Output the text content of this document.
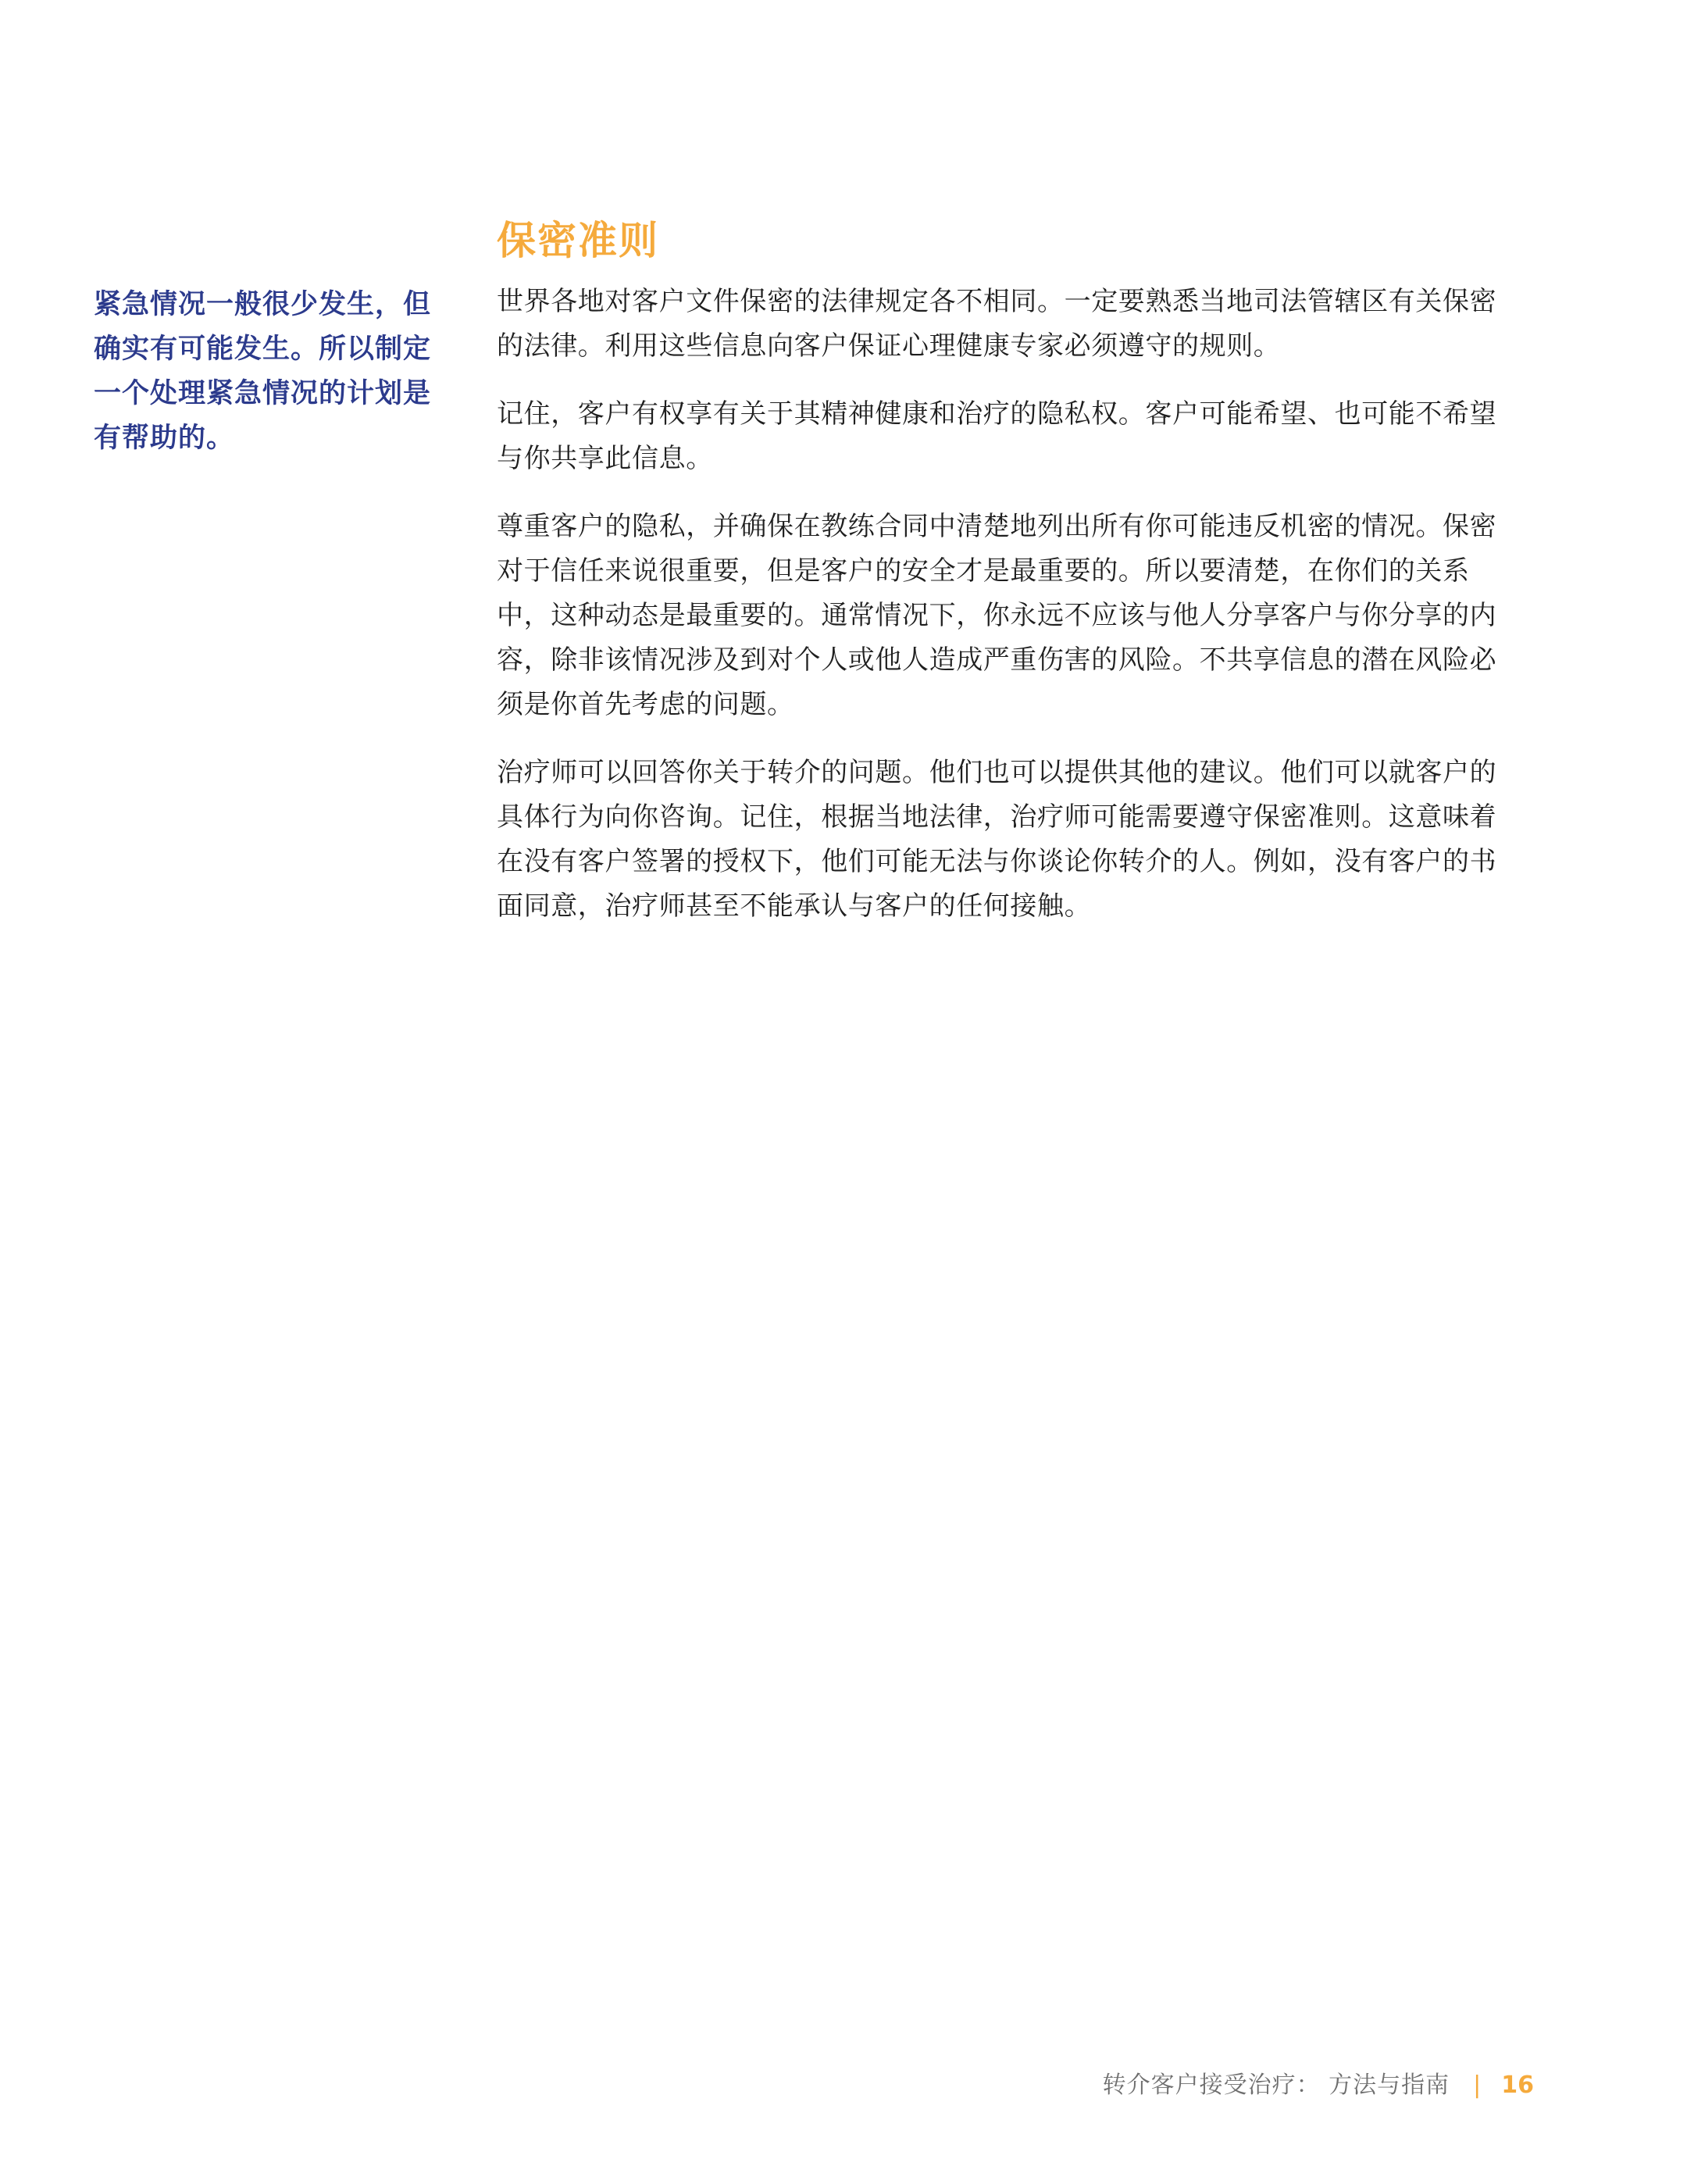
紧急情况一般很少发生，但确实有可能发生。所以制定一个处理紧急情况的计划是有帮助的。
保密准则

世界各地对客户文件保密的法律规定各不相同。一定要熟悉当地司法管辖区有关保密的法律。利用这些信息向客户保证心理健康专家必须遵守的规则。

记住，客户有权享有关于其精神健康和治疗的隐私权。客户可能希望、也可能不希望与你共享此信息。

尊重客户的隐私，并确保在教练合同中清楚地列出所有你可能违反机密的情况。保密对于信任来说很重要，但是客户的安全才是最重要的。所以要清楚，在你们的关系中，这种动态是最重要的。通常情况下，你永远不应该与他人分享客户与你分享的内容，除非该情况涉及到对个人或他人造成严重伤害的风险。不共享信息的潜在风险必须是你首先考虑的问题。

治疗师可以回答你关于转介的问题。他们也可以提供其他的建议。他们可以就客户的具体行为向你咨询。记住，根据当地法律，治疗师可能需要遵守保密准则。这意味着在没有客户签署的授权下，他们可能无法与你谈论你转介的人。例如，没有客户的书面同意，治疗师甚至不能承认与客户的任何接触。

转介客户接受治疗： 方法与指南 | 16
